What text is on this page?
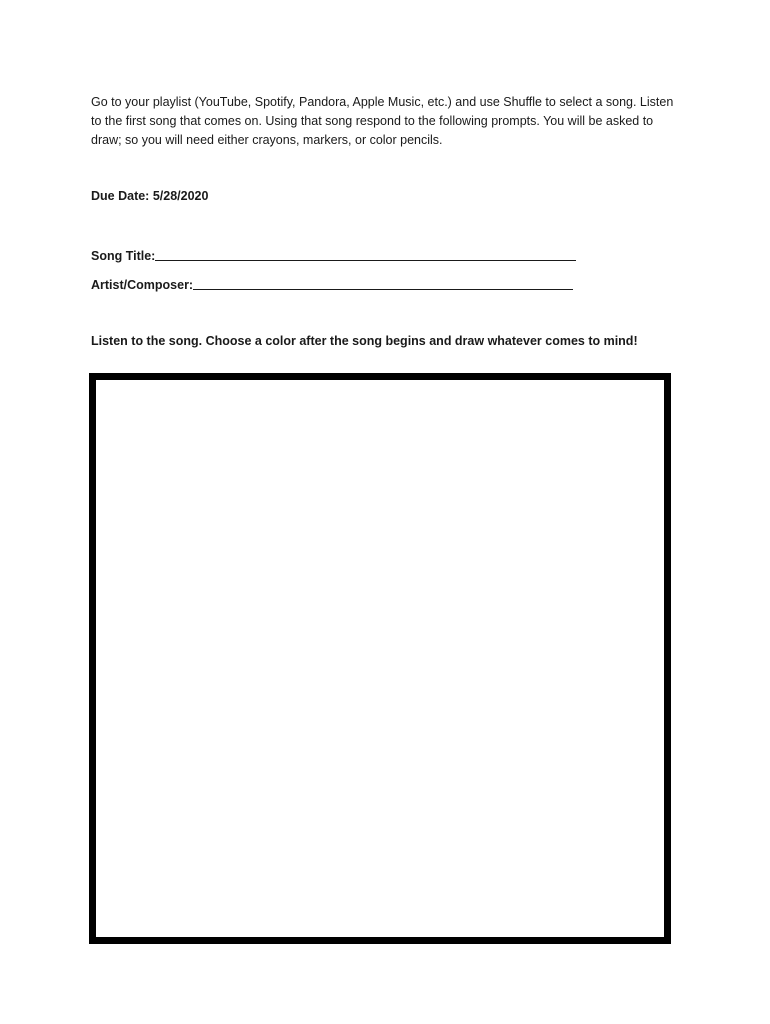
Go to your playlist (YouTube, Spotify, Pandora, Apple Music, etc.) and use Shuffle to select a song. Listen
to the first song that comes on. Using that song respond to the following prompts. You will be asked to
draw; so you will need either crayons, markers, or color pencils.

Due Date: 5/28/2020

Song Title:
Artist/Composer:

Listen to the song. Choose a color after the song begins and draw whatever comes to mind!
